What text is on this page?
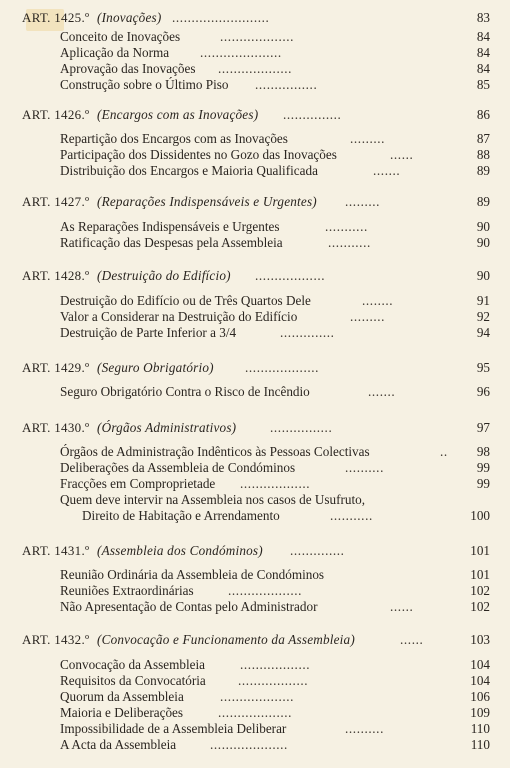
ART. 1425.º (Inovações) .........................	83
Conceito de Inovações	...................	84
Aplicação da Norma .....................	84
Aprovação das Inovações ...................	84
Construção sobre o Último Piso ................	85
ART. 1426.º (Encargos com as Inovações) ...............	86
Repartição dos Encargos com as Inovações	.........	87
Participação dos Dissidentes no Gozo das Inovações	......	88
Distribuição dos Encargos e Maioria Qualificada	.......	89
ART. 1427.º (Reparações Indispensáveis e Urgentes) .........	89
As Reparações Indispensáveis e Urgentes	...........	90
Ratificação das Despesas pela Assembleia	...........	90
ART. 1428.º (Destruição do Edifício) ..................	90
Destruição do Edifício ou de Três Quartos Dele	........	91
Valor a Considerar na Destruição do Edifício	.........	92
Destruição de Parte Inferior a 3/4	..............	94
ART. 1429.º (Seguro Obrigatório) ...................	95
Seguro Obrigatório Contra o Risco de Incêndio	.......	96
ART. 1430.º (Órgãos Administrativos)	................	97
Órgãos de Administração Indênticos às Pessoas Colectivas	..	98
Deliberações da Assembleia de Condóminos	..........	99
Fracções em Comproprietade ..................	99
Quem deve intervir na Assembleia nos casos de Usufruto,
Direito de Habitação e Arrendamento	...........	100
ART. 1431.º (Assembleia dos Condóminos) ..............	101
Reunião Ordinária da Assembleia de Condóminos	101
Reuniões Extraordinárias	...................	102
Não Apresentação de Contas pelo Administrador	......	102
ART. 1432.º (Convocação e Funcionamento da Assembleia)	......	103
Convocação da Assembleia	..................	104
Requisitos da Convocatória ..................	104
Quorum da Assembleia	...................	106
Maioria e Deliberações	...................	109
Impossibilidade de a Assembleia Deliberar	..........	110
A Acta da Assembleia	....................	110
